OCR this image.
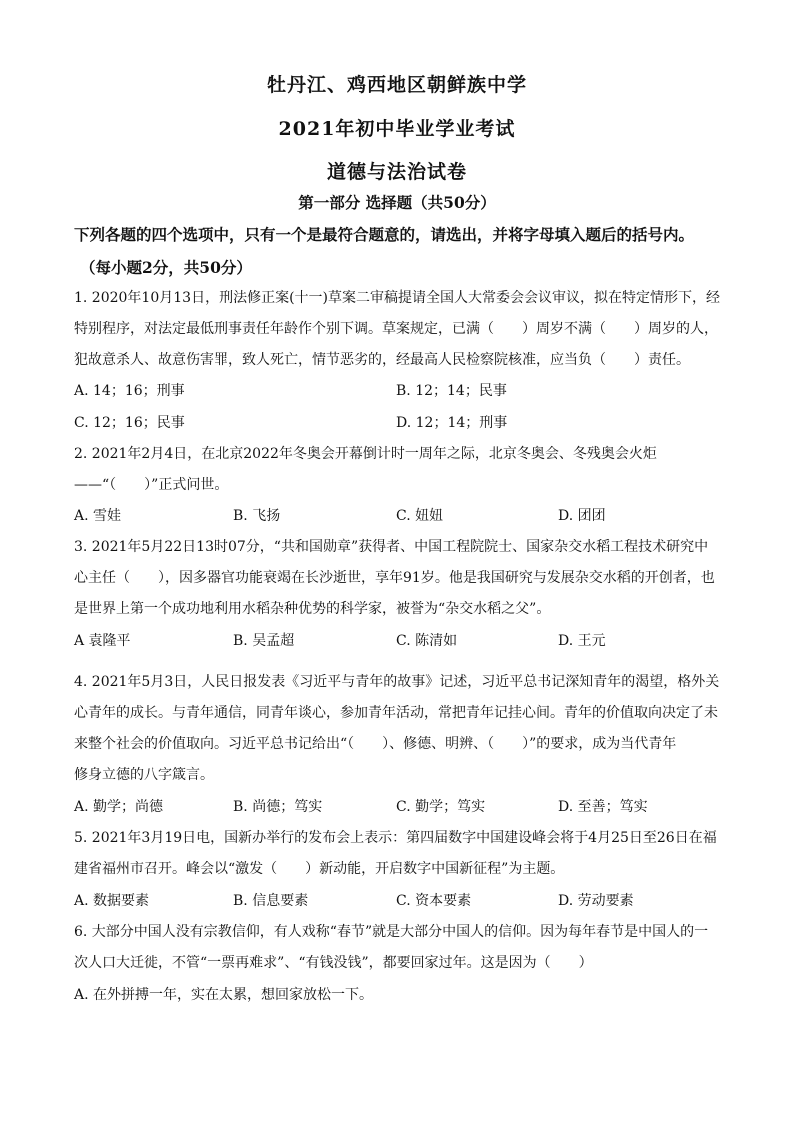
牡丹江、鸡西地区朝鲜族中学
2021年初中毕业学业考试
道德与法治试卷
第一部分 选择题（共50分）
下列各题的四个选项中，只有一个是最符合题意的，请选出，并将字母填入题后的括号内。
（每小题2分，共50分）
1. 2020年10月13日，刑法修正案(十一)草案二审稿提请全国人大常委会会议审议，拟在特定情形下，经
特别程序，对法定最低刑事责任年龄作个别下调。草案规定，已满（　　）周岁不满（　　）周岁的人，
犯故意杀人、故意伤害罪，致人死亡，情节恶劣的，经最高人民检察院核准，应当负（　　）责任。
A. 14；16；刑事	B. 12；14；民事
C. 12；16；民事	D. 12；14；刑事
2. 2021年2月4日，在北京2022年冬奥会开幕倒计时一周年之际，北京冬奥会、冬残奥会火炬
——“（　　）”正式问世。
A. 雪娃	B. 飞扬	C. 妞妞	D. 团团
3. 2021年5月22日13时07分，“共和国勋章”获得者、中国工程院院士、国家杂交水稻工程技术研究中
心主任（　　），因多器官功能衰竭在长沙逝世，享年91岁。他是我国研究与发展杂交水稻的开创者，也
是世界上第一个成功地利用水稻杂种优势的科学家，被誉为“杂交水稻之父”。
A 袁隆平	B. 吴孟超	C. 陈清如	D. 王元
4. 2021年5月3日，人民日报发表《习近平与青年的故事》记述，习近平总书记深知青年的渴望，格外关
心青年的成长。与青年通信，同青年谈心，参加青年活动，常把青年记挂心间。青年的价值取向决定了未
来整个社会的价值取向。习近平总书记给出“（　　）、修德、明辨、（　　）”的要求，成为当代青年
修身立德的八字箴言。
A. 勤学；尚德	B. 尚德；笃实	C. 勤学；笃实	D. 至善；笃实
5. 2021年3月19日电，国新办举行的发布会上表示：第四届数字中国建设峰会将于4月25日至26日在福
建省福州市召开。峰会以“激发（　　）新动能，开启数字中国新征程”为主题。
A. 数据要素	B. 信息要素	C. 资本要素	D. 劳动要素
6. 大部分中国人没有宗教信仰，有人戏称“春节”就是大部分中国人的信仰。因为每年春节是中国人的一
次人口大迁徙，不管“一票再难求”、“有钱没钱”，都要回家过年。这是因为（　　）
A. 在外拼搏一年，实在太累，想回家放松一下。
